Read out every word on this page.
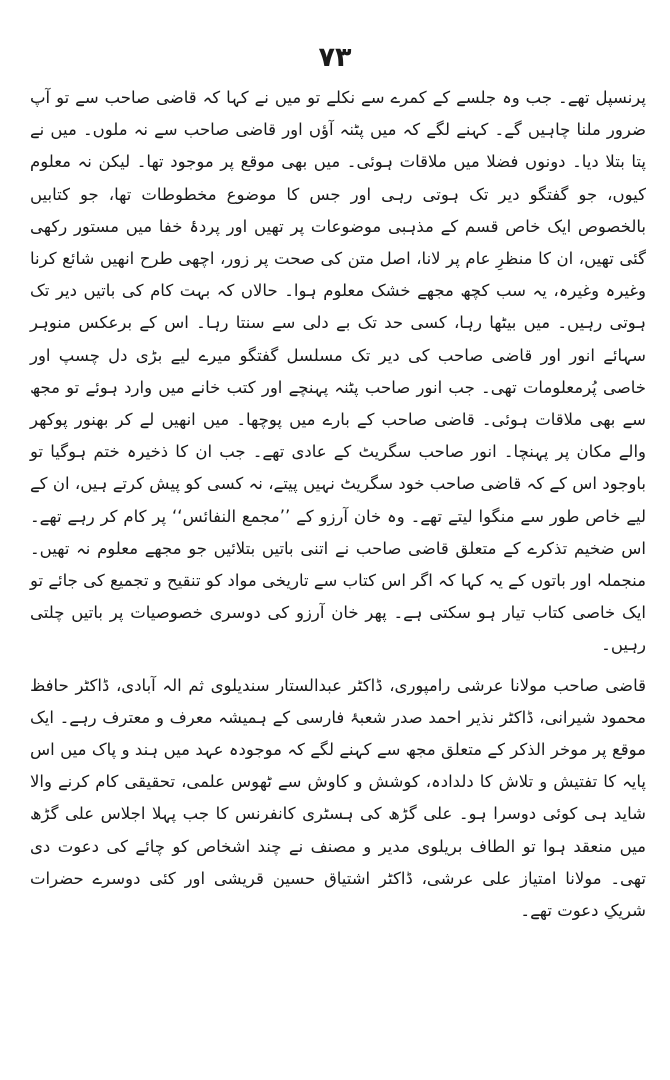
۷۳

پرنسپل تھے۔ جب وہ جلسے کے کمرے سے نکلے تو میں نے کہا کہ قاضی صاحب سے تو آپ ضرور ملنا چاہیں گے۔ کہنے لگے کہ میں پٹنہ آؤں اور قاضی صاحب سے نہ ملوں۔ میں نے پتا بتلا دیا۔ دونوں فضلا میں ملاقات ہوئی۔ میں بھی موقع پر موجود تھا۔ لیکن نہ معلوم کیوں، جو گفتگو دیر تک ہوتی رہی اور جس کا موضوع مخطوطات تھا، جو کتابیں بالخصوص ایک خاص قسم کے مذہبی موضوعات پر تھیں اور پردۂ خفا میں مستور رکھی گئی تھیں، ان کا منظرِ عام پر لانا، اصل متن کی صحت پر زور، اچھی طرح انھیں شائع کرنا وغیرہ وغیرہ، یہ سب کچھ مجھے خشک معلوم ہوا۔ حالاں کہ بہت کام کی باتیں دیر تک ہوتی رہیں۔ میں بیٹھا رہا، کسی حد تک بے دلی سے سنتا رہا۔ اس کے برعکس منوہر سہائے انور اور قاضی صاحب کی دیر تک مسلسل گفتگو میرے لیے بڑی دل چسپ اور خاصی پُرمعلومات تھی۔ جب انور صاحب پٹنہ پہنچے اور کتب خانے میں وارد ہوئے تو مجھ سے بھی ملاقات ہوئی۔ قاضی صاحب کے بارے میں پوچھا۔ میں انھیں لے کر بھنور پوکھر والے مکان پر پہنچا۔ انور صاحب سگریٹ کے عادی تھے۔ جب ان کا ذخیرہ ختم ہوگیا تو باوجود اس کے کہ قاضی صاحب خود سگریٹ نہیں پیتے، نہ کسی کو پیش کرتے ہیں، ان کے لیے خاص طور سے منگوا لیتے تھے۔ وہ خان آرزو کے ’’مجمع النفائس‘‘ پر کام کر رہے تھے۔ اس ضخیم تذکرے کے متعلق قاضی صاحب نے اتنی باتیں بتلائیں جو مجھے معلوم نہ تھیں۔ منجملہ اور باتوں کے یہ کہا کہ اگر اس کتاب سے تاریخی مواد کو تنقیح و تجمیع کی جائے تو ایک خاصی کتاب تیار ہو سکتی ہے۔ پھر خان آرزو کی دوسری خصوصیات پر باتیں چلتی رہیں۔

قاضی صاحب مولانا عرشی رامپوری، ڈاکٹر عبدالستار سندیلوی ثم الہ آبادی، ڈاکٹر حافظ محمود شیرانی، ڈاکٹر نذیر احمد صدر شعبۂ فارسی کے ہمیشہ معرف و معترف رہے۔ ایک موقع پر موخر الذکر کے متعلق مجھ سے کہنے لگے کہ موجودہ عہد میں ہند و پاک میں اس پایہ کا تفتیش و تلاش کا دلدادہ، کوشش و کاوش سے ٹھوس علمی، تحقیقی کام کرنے والا شاید ہی کوئی دوسرا ہو۔ علی گڑھ کی ہسٹری کانفرنس کا جب پہلا اجلاس علی گڑھ میں منعقد ہوا تو الطاف بریلوی مدیر و مصنف نے چند اشخاص کو چائے کی دعوت دی تھی۔ مولانا امتیاز علی عرشی، ڈاکٹر اشتیاق حسین قریشی اور کئی دوسرے حضرات شریکِ دعوت تھے۔
